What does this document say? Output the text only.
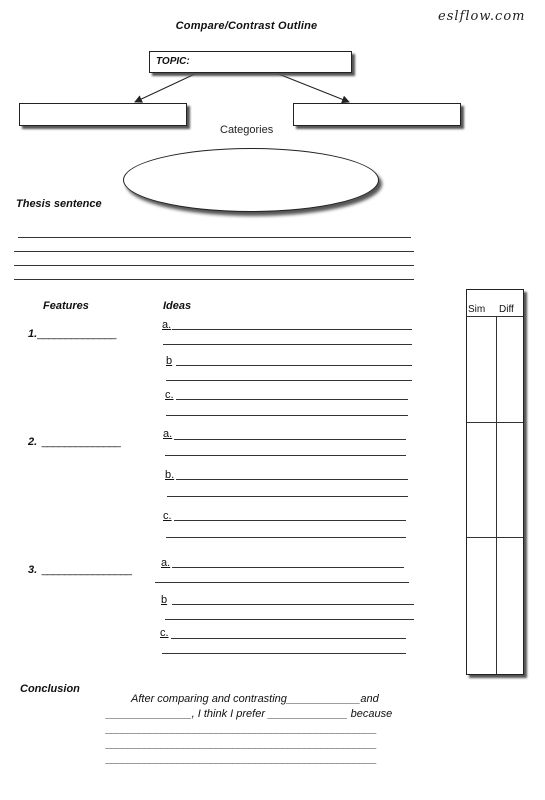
Compare/Contrast Outline
eslflow.com
TOPIC:
Categories
Thesis sentence
Features	Ideas
1.______________
a.
b
c.
2. ______________
a.
b.
c.
3. ________________
a.
b
c.
Sim Diff
Conclusion
After comparing and contrasting____________and
______________, I think I prefer _____________ because
_________________________________________________
_________________________________________________
_________________________________________________
